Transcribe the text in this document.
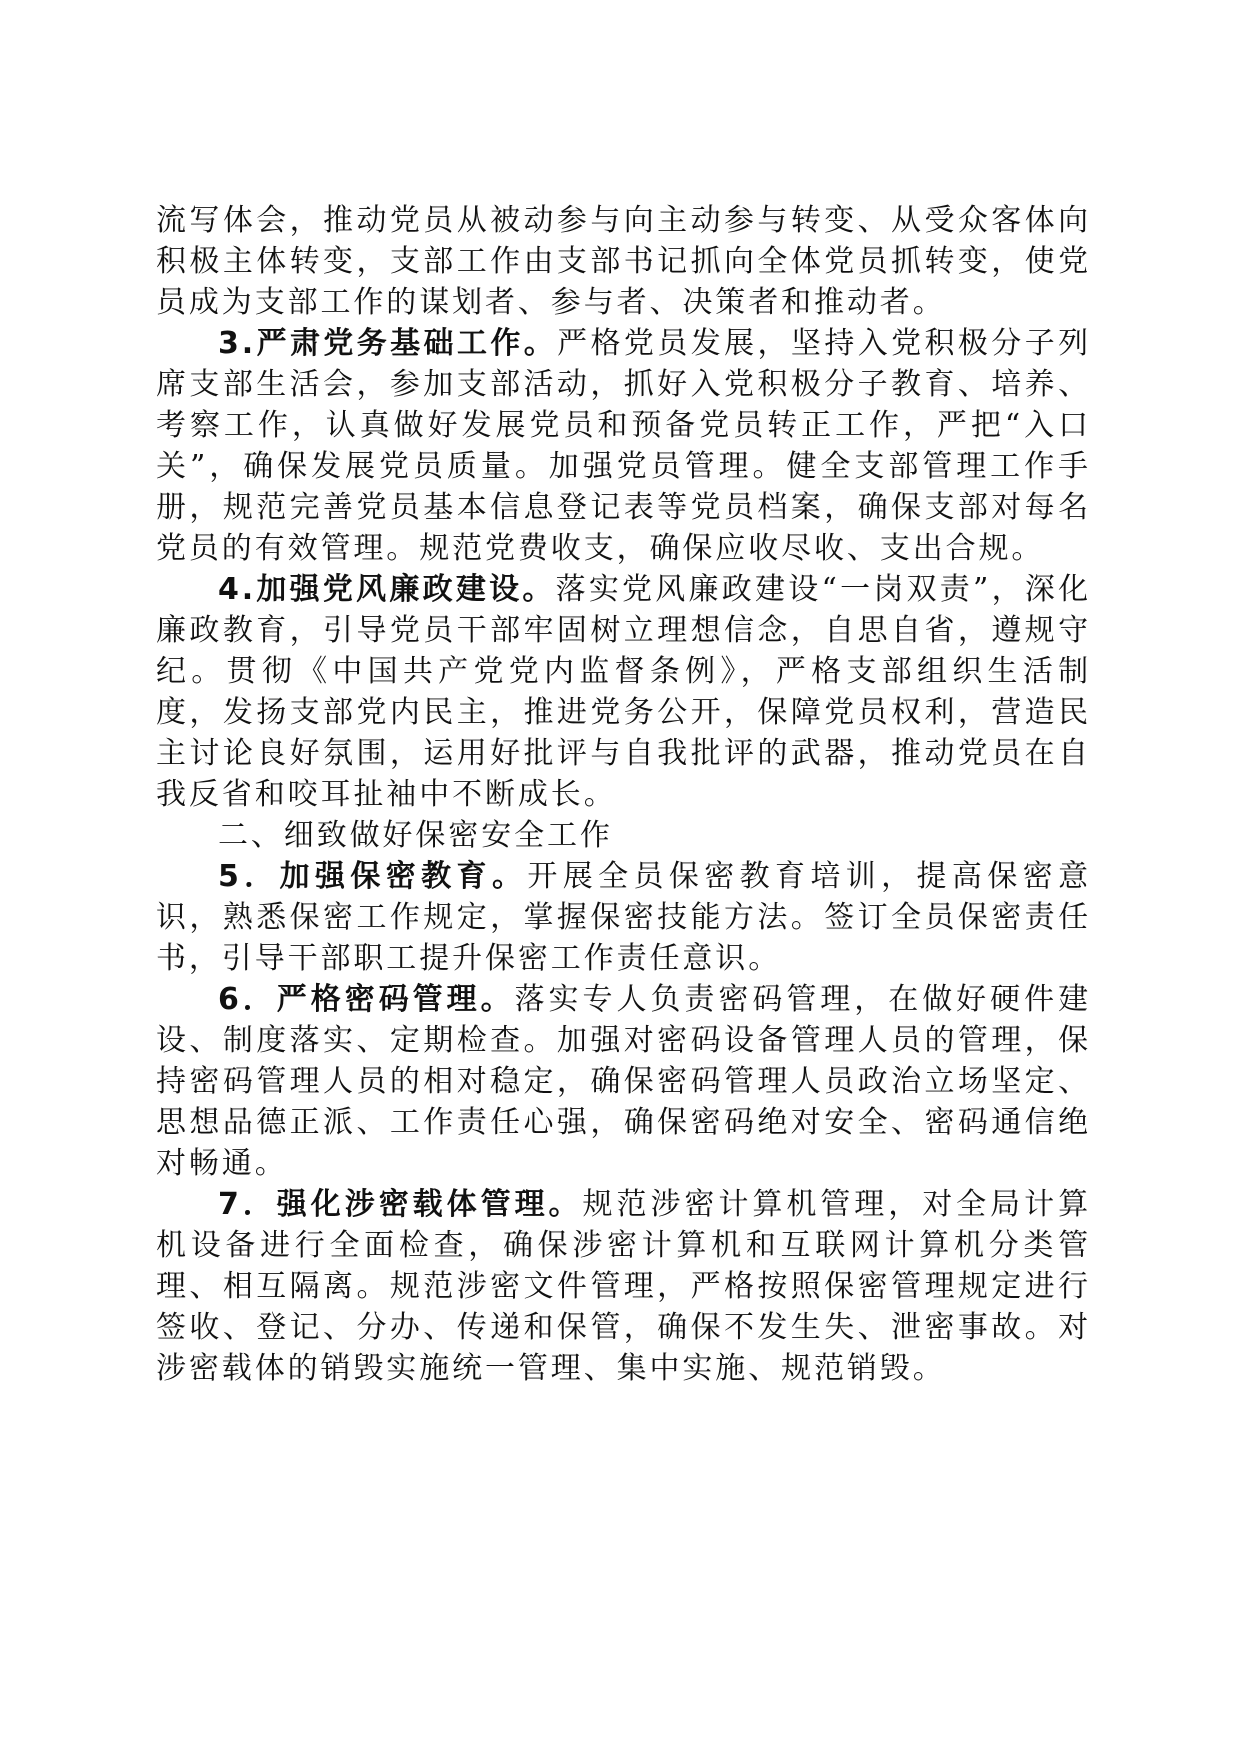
流写体会，推动党员从被动参与向主动参与转变、从受众客体向积极主体转变，支部工作由支部书记抓向全体党员抓转变，使党员成为支部工作的谋划者、参与者、决策者和推动者。

3.严肃党务基础工作。严格党员发展，坚持入党积极分子列席支部生活会，参加支部活动，抓好入党积极分子教育、培养、考察工作，认真做好发展党员和预备党员转正工作，严把“入口关”，确保发展党员质量。加强党员管理。健全支部管理工作手册，规范完善党员基本信息登记表等党员档案，确保支部对每名党员的有效管理。规范党费收支，确保应收尽收、支出合规。

4.加强党风廉政建设。落实党风廉政建设“一岗双责”，深化廉政教育，引导党员干部牢固树立理想信念，自思自省，遵规守纪。贯彻《中国共产党党内监督条例》，严格支部组织生活制度，发扬支部党内民主，推进党务公开，保障党员权利，营造民主讨论良好氛围，运用好批评与自我批评的武器，推动党员在自我反省和咬耳扯袖中不断成长。

二、细致做好保密安全工作

5．加强保密教育。开展全员保密教育培训，提高保密意识，熟悉保密工作规定，掌握保密技能方法。签订全员保密责任书，引导干部职工提升保密工作责任意识。

6．严格密码管理。落实专人负责密码管理，在做好硬件建设、制度落实、定期检查。加强对密码设备管理人员的管理，保持密码管理人员的相对稳定，确保密码管理人员政治立场坚定、思想品德正派、工作责任心强，确保密码绝对安全、密码通信绝对畅通。

7．强化涉密载体管理。规范涉密计算机管理，对全局计算机设备进行全面检查，确保涉密计算机和互联网计算机分类管理、相互隔离。规范涉密文件管理，严格按照保密管理规定进行签收、登记、分办、传递和保管，确保不发生失、泄密事故。对涉密载体的销毁实施统一管理、集中实施、规范销毁。
